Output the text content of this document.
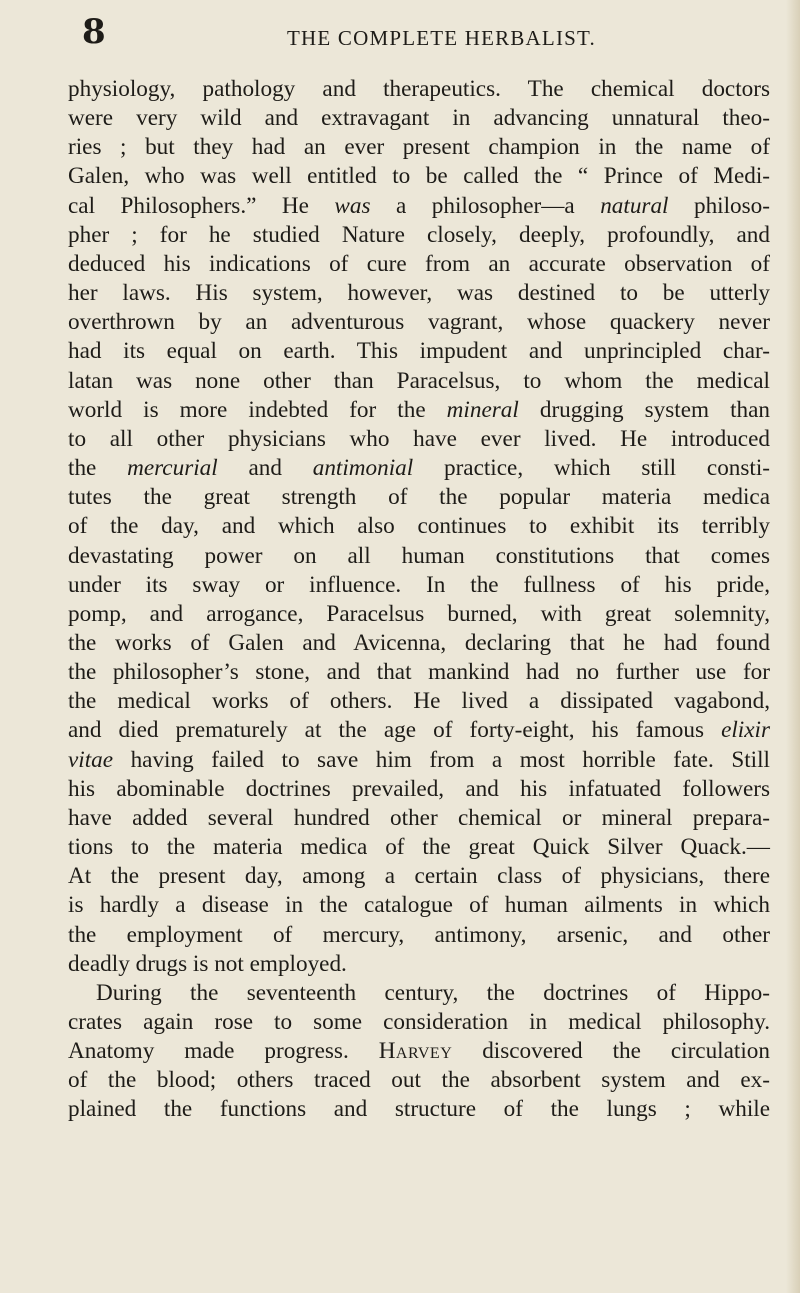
8	THE COMPLETE HERBALIST.
physiology, pathology and therapeutics. The chemical doctors
were very wild and extravagant in advancing unnatural theo-
ries ; but they had an ever present champion in the name of
Galen, who was well entitled to be called the “ Prince of Medi-
cal Philosophers.” He was a philosopher—a natural philoso-
pher ; for he studied Nature closely, deeply, profoundly, and
deduced his indications of cure from an accurate observation of
her laws. His system, however, was destined to be utterly
overthrown by an adventurous vagrant, whose quackery never
had its equal on earth. This impudent and unprincipled char-
latan was none other than Paracelsus, to whom the medical
world is more indebted for the mineral drugging system than
to all other physicians who have ever lived. He introduced
the mercurial and antimonial practice, which still consti-
tutes the great strength of the popular materia medica
of the day, and which also continues to exhibit its terribly
devastating power on all human constitutions that comes
under its sway or influence. In the fullness of his pride,
pomp, and arrogance, Paracelsus burned, with great solemnity,
the works of Galen and Avicenna, declaring that he had found
the philosopher’s stone, and that mankind had no further use for
the medical works of others. He lived a dissipated vagabond,
and died prematurely at the age of forty-eight, his famous elixir
vitae having failed to save him from a most horrible fate. Still
his abominable doctrines prevailed, and his infatuated followers
have added several hundred other chemical or mineral prepara-
tions to the materia medica of the great Quick Silver Quack.—
At the present day, among a certain class of physicians, there
is hardly a disease in the catalogue of human ailments in which
the employment of mercury, antimony, arsenic, and other
deadly drugs is not employed.
During the seventeenth century, the doctrines of Hippo-
crates again rose to some consideration in medical philosophy.
Anatomy made progress. Harvey discovered the circulation
of the blood; others traced out the absorbent system and ex-
plained the functions and structure of the lungs ; while
